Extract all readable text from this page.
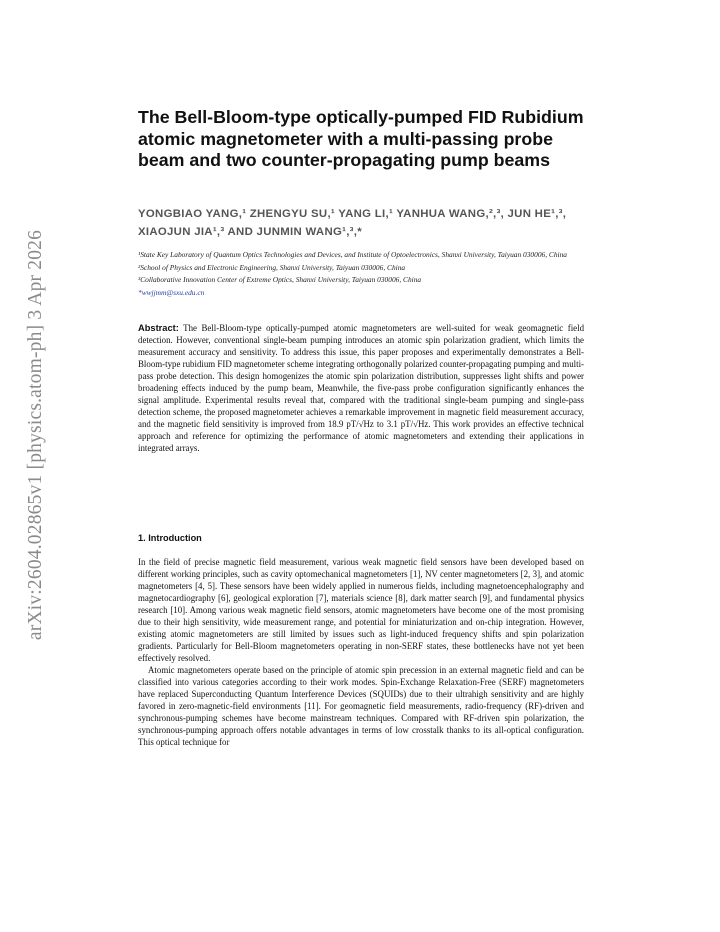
arXiv:2604.02865v1 [physics.atom-ph] 3 Apr 2026
The Bell-Bloom-type optically-pumped FID Rubidium atomic magnetometer with a multi-passing probe beam and two counter-propagating pump beams
YONGBIAO YANG,¹ ZHENGYU SU,¹ YANG LI,¹ YANHUA WANG,²,³, JUN HE¹,³, XIAOJUN JIA¹,³ AND JUNMIN WANG¹,³,*
¹State Key Laboratory of Quantum Optics Technologies and Devices, and Institute of Optoelectronics, Shanxi University, Taiyuan 030006, China
²School of Physics and Electronic Engineering, Shanxi University, Taiyuan 030006, China
³Collaborative Innovation Center of Extreme Optics, Shanxi University, Taiyuan 030006, China
*wwjjmm@sxu.edu.cn
Abstract: The Bell-Bloom-type optically-pumped atomic magnetometers are well-suited for weak geomagnetic field detection. However, conventional single-beam pumping introduces an atomic spin polarization gradient, which limits the measurement accuracy and sensitivity. To address this issue, this paper proposes and experimentally demonstrates a Bell-Bloom-type rubidium FID magnetometer scheme integrating orthogonally polarized counter-propagating pumping and multi-pass probe detection. This design homogenizes the atomic spin polarization distribution, suppresses light shifts and power broadening effects induced by the pump beam, Meanwhile, the five-pass probe configuration significantly enhances the signal amplitude. Experimental results reveal that, compared with the traditional single-beam pumping and single-pass detection scheme, the proposed magnetometer achieves a remarkable improvement in magnetic field measurement accuracy, and the magnetic field sensitivity is improved from 18.9 pT/√Hz to 3.1 pT/√Hz. This work provides an effective technical approach and reference for optimizing the performance of atomic magnetometers and extending their applications in integrated arrays.
1. Introduction

In the field of precise magnetic field measurement, various weak magnetic field sensors have been developed based on different working principles, such as cavity optomechanical magnetometers [1], NV center magnetometers [2, 3], and atomic magnetometers [4, 5]. These sensors have been widely applied in numerous fields, including magnetoencephalography and magnetocardiography [6], geological exploration [7], materials science [8], dark matter search [9], and fundamental physics research [10]. Among various weak magnetic field sensors, atomic magnetometers have become one of the most promising due to their high sensitivity, wide measurement range, and potential for miniaturization and on-chip integration. However, existing atomic magnetometers are still limited by issues such as light-induced frequency shifts and spin polarization gradients. Particularly for Bell-Bloom magnetometers operating in non-SERF states, these bottlenecks have not yet been effectively resolved.

Atomic magnetometers operate based on the principle of atomic spin precession in an external magnetic field and can be classified into various categories according to their work modes. Spin-Exchange Relaxation-Free (SERF) magnetometers have replaced Superconducting Quantum Interference Devices (SQUIDs) due to their ultrahigh sensitivity and are highly favored in zero-magnetic-field environments [11]. For geomagnetic field measurements, radio-frequency (RF)-driven and synchronous-pumping schemes have become mainstream techniques. Compared with RF-driven spin polarization, the synchronous-pumping approach offers notable advantages in terms of low crosstalk thanks to its all-optical configuration. This optical technique for
